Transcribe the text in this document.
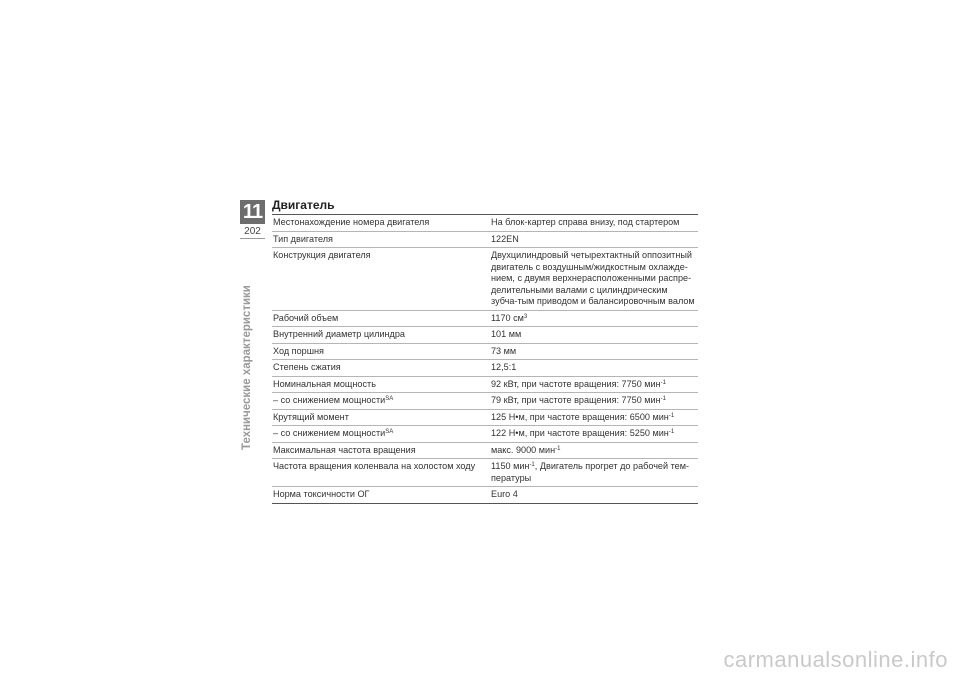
11
202
Технические характеристики
Двигатель
Местонахождение номера двигателя	На блок-картер справа внизу, под стартером
Тип двигателя	122EN
Конструкция двигателя	Двухцилиндровый четырехтактный оппозитный двигатель с воздушным/жидкостным охлажде-нием, с двумя верхнерасположенными распре-делительными валами с цилиндрическим зубча-тым приводом и балансировочным валом
Рабочий объем	1170 $см^3$
Внутренний диаметр цилиндра	101 мм
Ход поршня	73 мм
Степень сжатия	12,5:1
Номинальная мощность	92 кВт, при частоте вращения: 7750 мин$^{-1}$
– со снижением мощности$^{SA}$	79 кВт, при частоте вращения: 7750 мин$^{-1}$
Крутящий момент	125 Н•м, при частоте вращения: 6500 мин$^{-1}$
– со снижением мощности$^{SA}$	122 Н•м, при частоте вращения: 5250 мин$^{-1}$
Максимальная частота вращения	макс. 9000 мин$^{-1}$
Частота вращения коленвала на холостом ходу	1150 мин$^{-1}$, Двигатель прогрет до рабочей тем-пературы
Норма токсичности ОГ	Euro 4
carmanualsonline.info
